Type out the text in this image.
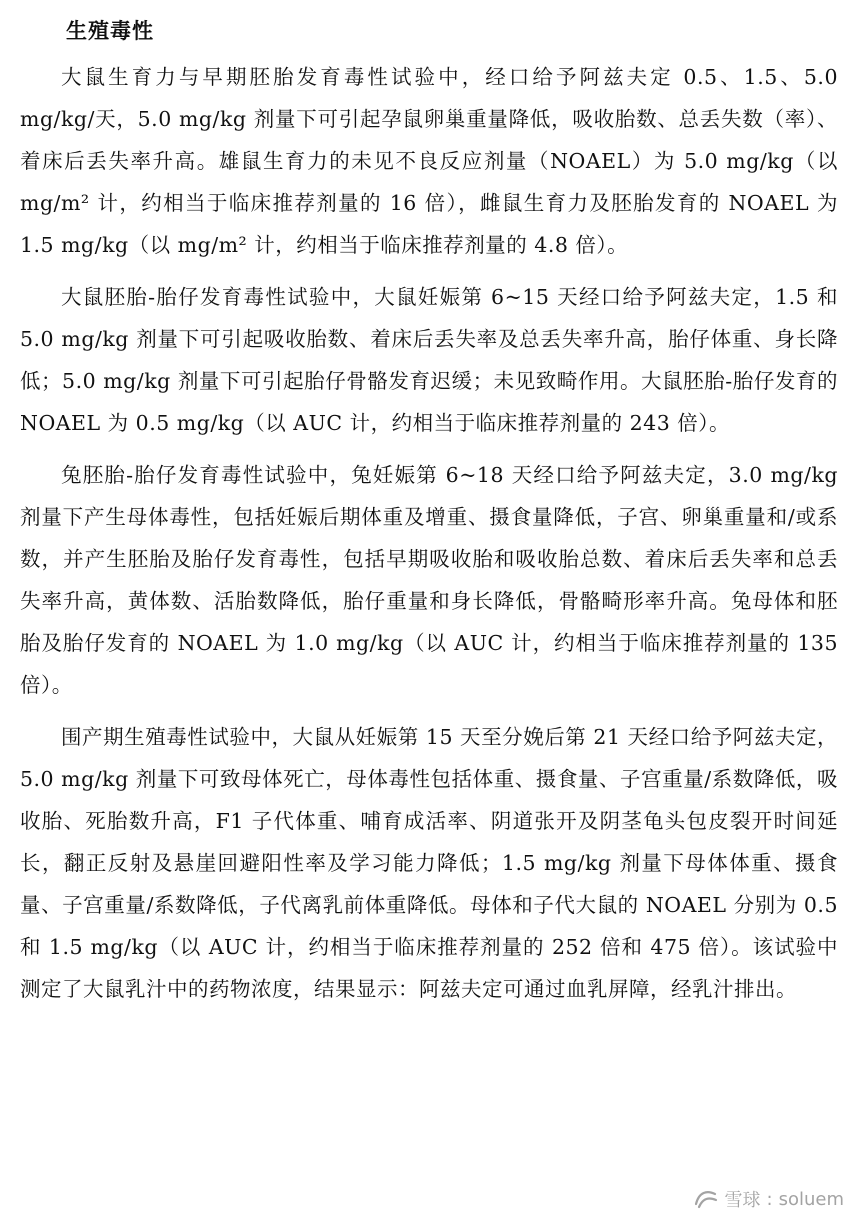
生殖毒性

大鼠生育力与早期胚胎发育毒性试验中，经口给予阿兹夫定 0.5、1.5、5.0 mg/kg/天，5.0 mg/kg 剂量下可引起孕鼠卵巢重量降低，吸收胎数、总丢失数（率）、着床后丢失率升高。雄鼠生育力的未见不良反应剂量（NOAEL）为 5.0 mg/kg（以 mg/m² 计，约相当于临床推荐剂量的 16 倍），雌鼠生育力及胚胎发育的 NOAEL 为 1.5 mg/kg（以 mg/m² 计，约相当于临床推荐剂量的 4.8 倍）。

大鼠胚胎-胎仔发育毒性试验中，大鼠妊娠第 6~15 天经口给予阿兹夫定，1.5 和 5.0 mg/kg 剂量下可引起吸收胎数、着床后丢失率及总丢失率升高，胎仔体重、身长降低；5.0 mg/kg 剂量下可引起胎仔骨骼发育迟缓；未见致畸作用。大鼠胚胎-胎仔发育的 NOAEL 为 0.5 mg/kg（以 AUC 计，约相当于临床推荐剂量的 243 倍）。

兔胚胎-胎仔发育毒性试验中，兔妊娠第 6~18 天经口给予阿兹夫定，3.0 mg/kg 剂量下产生母体毒性，包括妊娠后期体重及增重、摄食量降低，子宫、卵巢重量和/或系数，并产生胚胎及胎仔发育毒性，包括早期吸收胎和吸收胎总数、着床后丢失率和总丢失率升高，黄体数、活胎数降低，胎仔重量和身长降低，骨骼畸形率升高。兔母体和胚胎及胎仔发育的 NOAEL 为 1.0 mg/kg（以 AUC 计，约相当于临床推荐剂量的 135 倍）。

围产期生殖毒性试验中，大鼠从妊娠第 15 天至分娩后第 21 天经口给予阿兹夫定，5.0 mg/kg 剂量下可致母体死亡，母体毒性包括体重、摄食量、子宫重量/系数降低，吸收胎、死胎数升高，F1 子代体重、哺育成活率、阴道张开及阴茎龟头包皮裂开时间延长，翻正反射及悬崖回避阳性率及学习能力降低；1.5 mg/kg 剂量下母体体重、摄食量、子宫重量/系数降低，子代离乳前体重降低。母体和子代大鼠的 NOAEL 分别为 0.5 和 1.5 mg/kg（以 AUC 计，约相当于临床推荐剂量的 252 倍和 475 倍）。该试验中测定了大鼠乳汁中的药物浓度，结果显示：阿兹夫定可通过血乳屏障，经乳汁排出。

雪球 : soluem
